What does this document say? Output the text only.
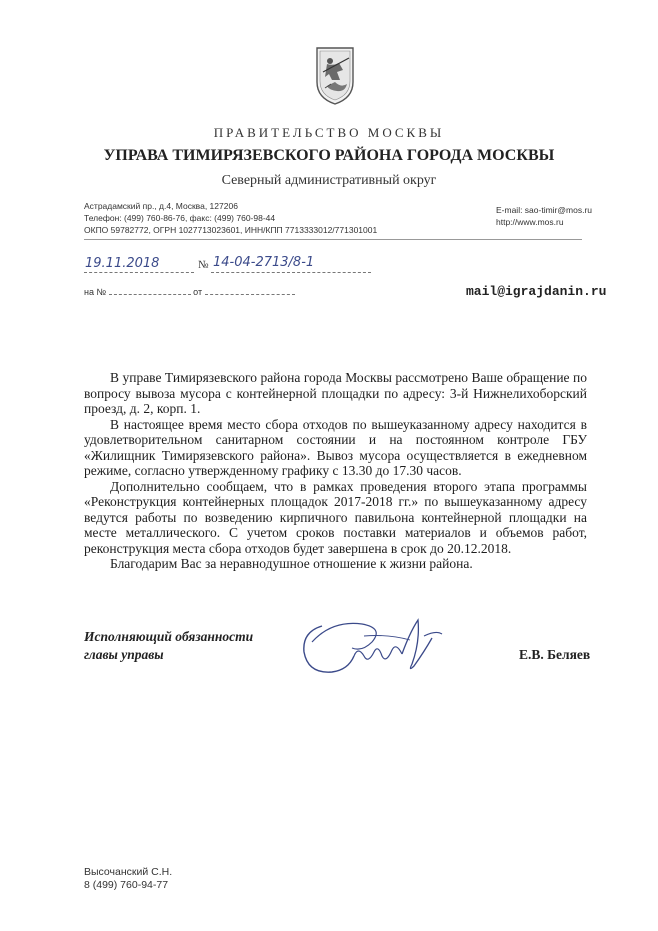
ПРАВИТЕЛЬСТВО МОСКВЫ
УПРАВА ТИМИРЯЗЕВСКОГО РАЙОНА ГОРОДА МОСКВЫ
Северный административный округ
Астрадамский пр., д.4, Москва, 127206
Телефон: (499) 760-86-76, факс: (499) 760-98-44
ОКПО 59782772, ОГРН 1027713023601, ИНН/КПП 7713333012/771301001
E-mail: sao-timir@mos.ru
http://www.mos.ru
19.11.2018	№ 14-04-2713/8-1
на №	от	mail@igrajdanin.ru

В управе Тимирязевского района города Москвы рассмотрено Ваше обращение по вопросу вывоза мусора с контейнерной площадки по адресу: 3-й Нижнелихоборский проезд, д. 2, корп. 1.

В настоящее время место сбора отходов по вышеуказанному адресу находится в удовлетворительном санитарном состоянии и на постоянном контроле ГБУ «Жилищник Тимирязевского района». Вывоз мусора осуществляется в ежедневном режиме, согласно утвержденному графику с 13.30 до 17.30 часов.

Дополнительно сообщаем, что в рамках проведения второго этапа программы «Реконструкция контейнерных площадок 2017-2018 гг.» по вышеуказанному адресу ведутся работы по возведению кирпичного павильона контейнерной площадки на месте металлического. С учетом сроков поставки материалов и объемов работ, реконструкция места сбора отходов будет завершена в срок до 20.12.2018.

Благодарим Вас за неравнодушное отношение к жизни района.

Исполняющий обязанности
главы управы	Е.В. Беляев
Высочанский С.Н.
8 (499) 760-94-77
